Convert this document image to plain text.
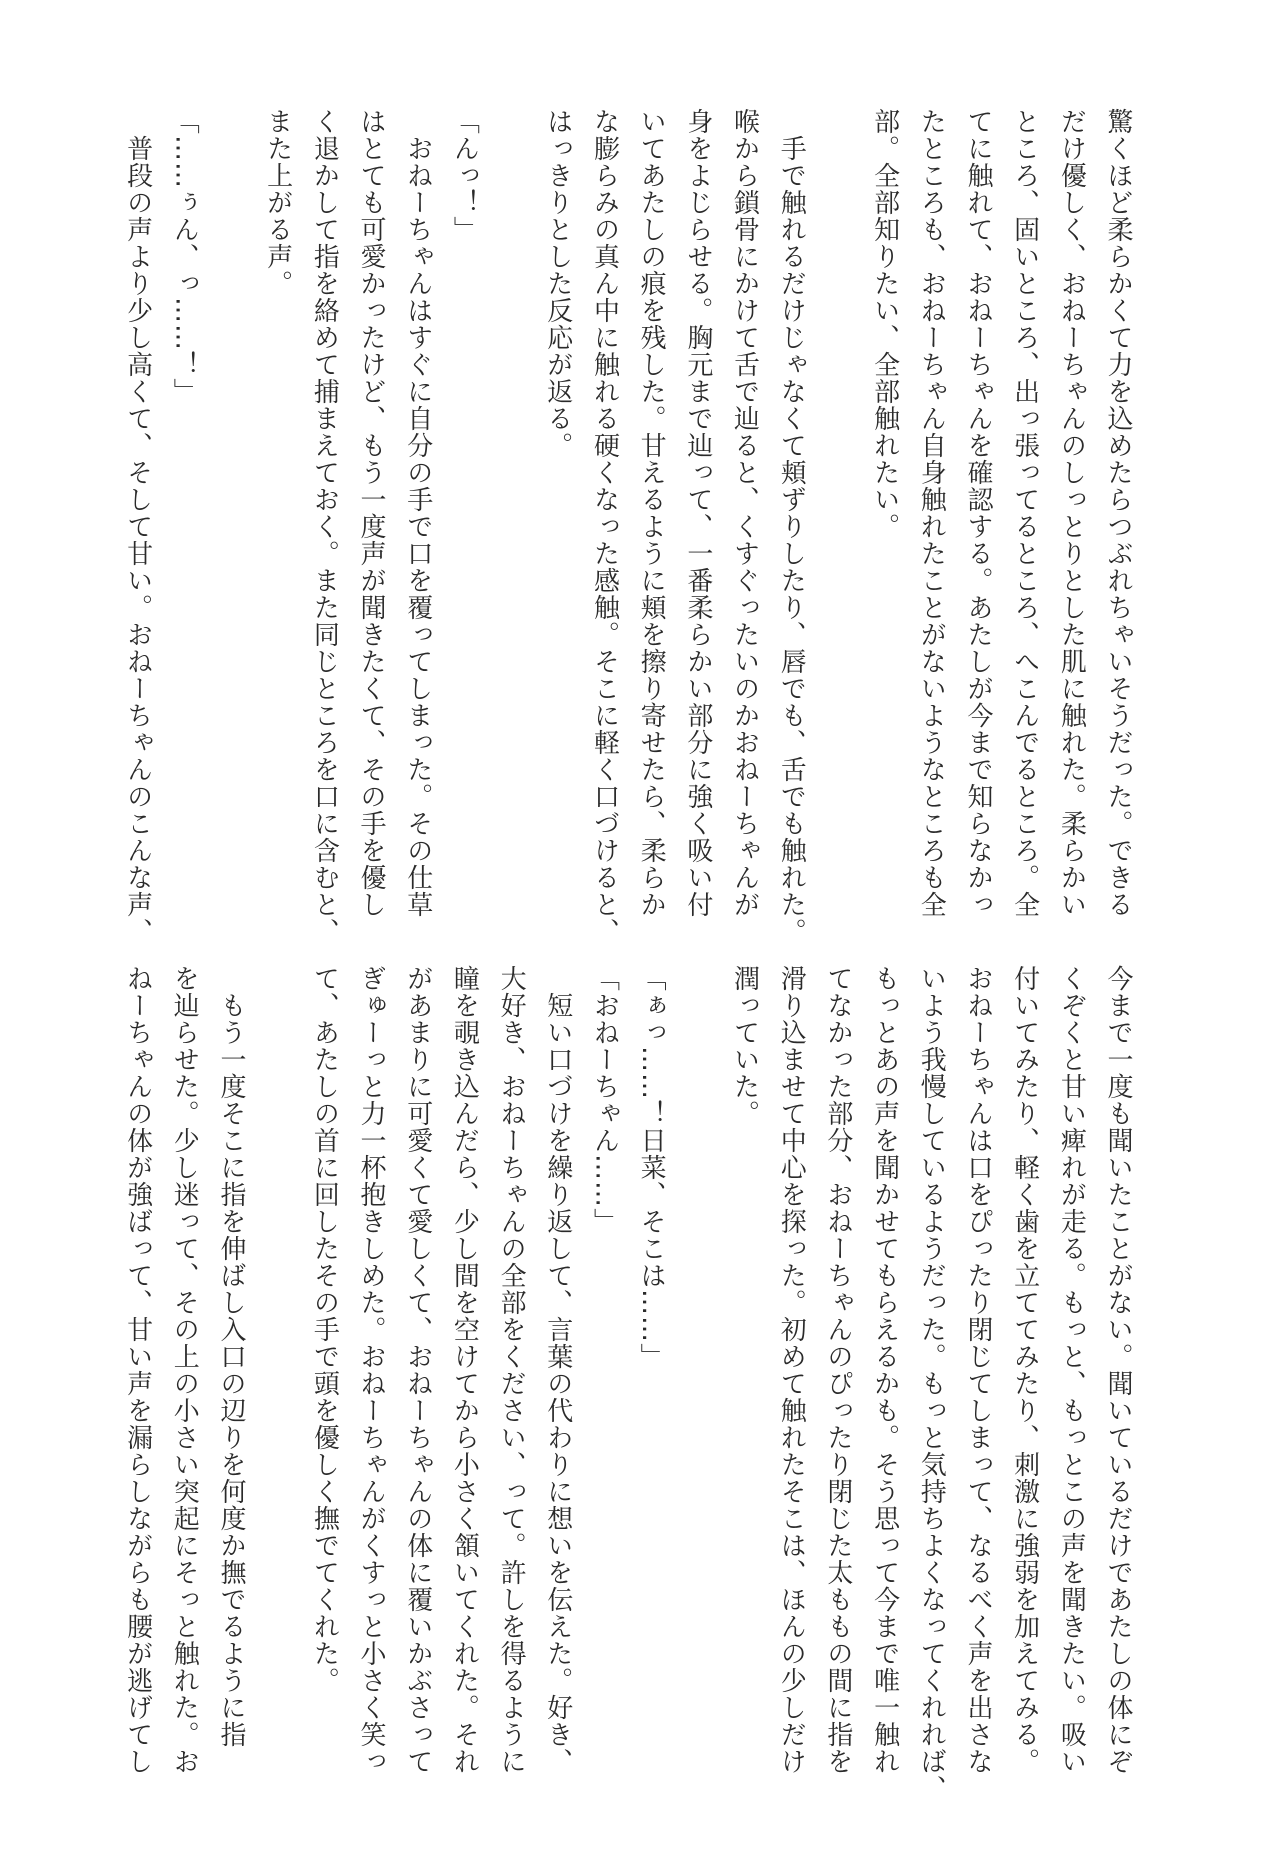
驚くほど柔らかくて力を込めたらつぶれちゃいそうだった。できる
だけ優しく、おねーちゃんのしっとりとした肌に触れた。柔らかい
ところ、固いところ、出っ張ってるところ、へこんでるところ。全
てに触れて、おねーちゃんを確認する。あたしが今まで知らなかっ
たところも、おねーちゃん自身触れたことがないようなところも全
部。全部知りたい、全部触れたい。
　手で触れるだけじゃなくて頬ずりしたり、唇でも、舌でも触れた。
喉から鎖骨にかけて舌で辿ると、くすぐったいのかおねーちゃんが
身をよじらせる。胸元まで辿って、一番柔らかい部分に強く吸い付
いてあたしの痕を残した。甘えるように頬を擦り寄せたら、柔らか
な膨らみの真ん中に触れる硬くなった感触。そこに軽く口づけると、
はっきりとした反応が返る。
「んっ！」
　おねーちゃんはすぐに自分の手で口を覆ってしまった。その仕草
はとても可愛かったけど、もう一度声が聞きたくて、その手を優し
く退かして指を絡めて捕まえておく。また同じところを口に含むと、
また上がる声。
「……ぅん、っ……！」
　普段の声より少し高くて、そして甘い。おねーちゃんのこんな声、
今まで一度も聞いたことがない。聞いているだけであたしの体にぞ
くぞくと甘い痺れが走る。もっと、もっとこの声を聞きたい。吸い
付いてみたり、軽く歯を立ててみたり、刺激に強弱を加えてみる。
おねーちゃんは口をぴったり閉じてしまって、なるべく声を出さな
いよう我慢しているようだった。もっと気持ちよくなってくれれば、
もっとあの声を聞かせてもらえるかも。そう思って今まで唯一触れ
てなかった部分、おねーちゃんのぴったり閉じた太ももの間に指を
滑り込ませて中心を探った。初めて触れたそこは、ほんの少しだけ
潤っていた。
「ぁっ……！日菜、そこは……」
「おねーちゃん……」
　短い口づけを繰り返して、言葉の代わりに想いを伝えた。好き、
大好き、おねーちゃんの全部をください、って。許しを得るように
瞳を覗き込んだら、少し間を空けてから小さく頷いてくれた。それ
があまりに可愛くて愛しくて、おねーちゃんの体に覆いかぶさって
ぎゅーっと力一杯抱きしめた。おねーちゃんがくすっと小さく笑っ
て、あたしの首に回したその手で頭を優しく撫でてくれた。
　もう一度そこに指を伸ばし入口の辺りを何度か撫でるように指
を辿らせた。少し迷って、その上の小さい突起にそっと触れた。お
ねーちゃんの体が強ばって、甘い声を漏らしながらも腰が逃げてし
